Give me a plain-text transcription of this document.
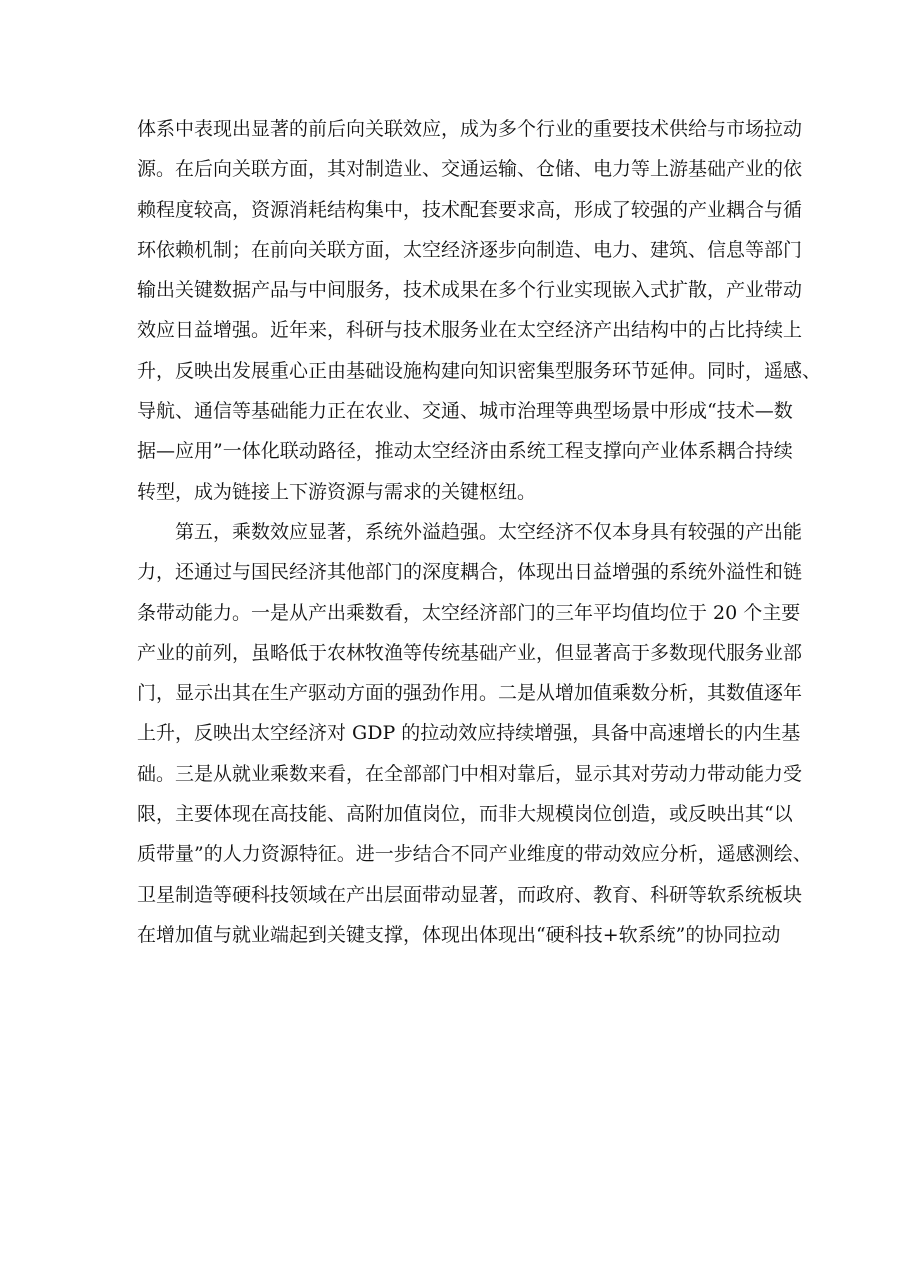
体系中表现出显著的前后向关联效应，成为多个行业的重要技术供给与市场拉动
源。在后向关联方面，其对制造业、交通运输、仓储、电力等上游基础产业的依
赖程度较高，资源消耗结构集中，技术配套要求高，形成了较强的产业耦合与循
环依赖机制；在前向关联方面，太空经济逐步向制造、电力、建筑、信息等部门
输出关键数据产品与中间服务，技术成果在多个行业实现嵌入式扩散，产业带动
效应日益增强。近年来，科研与技术服务业在太空经济产出结构中的占比持续上
升，反映出发展重心正由基础设施构建向知识密集型服务环节延伸。同时，遥感、
导航、通信等基础能力正在农业、交通、城市治理等典型场景中形成“技术—数
据—应用”一体化联动路径，推动太空经济由系统工程支撑向产业体系耦合持续
转型，成为链接上下游资源与需求的关键枢纽。
第五，乘数效应显著，系统外溢趋强。太空经济不仅本身具有较强的产出能
力，还通过与国民经济其他部门的深度耦合，体现出日益增强的系统外溢性和链
条带动能力。一是从产出乘数看，太空经济部门的三年平均值均位于 20 个主要
产业的前列，虽略低于农林牧渔等传统基础产业，但显著高于多数现代服务业部
门，显示出其在生产驱动方面的强劲作用。二是从增加值乘数分析，其数值逐年
上升，反映出太空经济对 GDP 的拉动效应持续增强，具备中高速增长的内生基
础。三是从就业乘数来看，在全部部门中相对靠后，显示其对劳动力带动能力受
限，主要体现在高技能、高附加值岗位，而非大规模岗位创造，或反映出其“以
质带量”的人力资源特征。进一步结合不同产业维度的带动效应分析，遥感测绘、
卫星制造等硬科技领域在产出层面带动显著，而政府、教育、科研等软系统板块
在增加值与就业端起到关键支撑，体现出体现出“硬科技+软系统”的协同拉动
